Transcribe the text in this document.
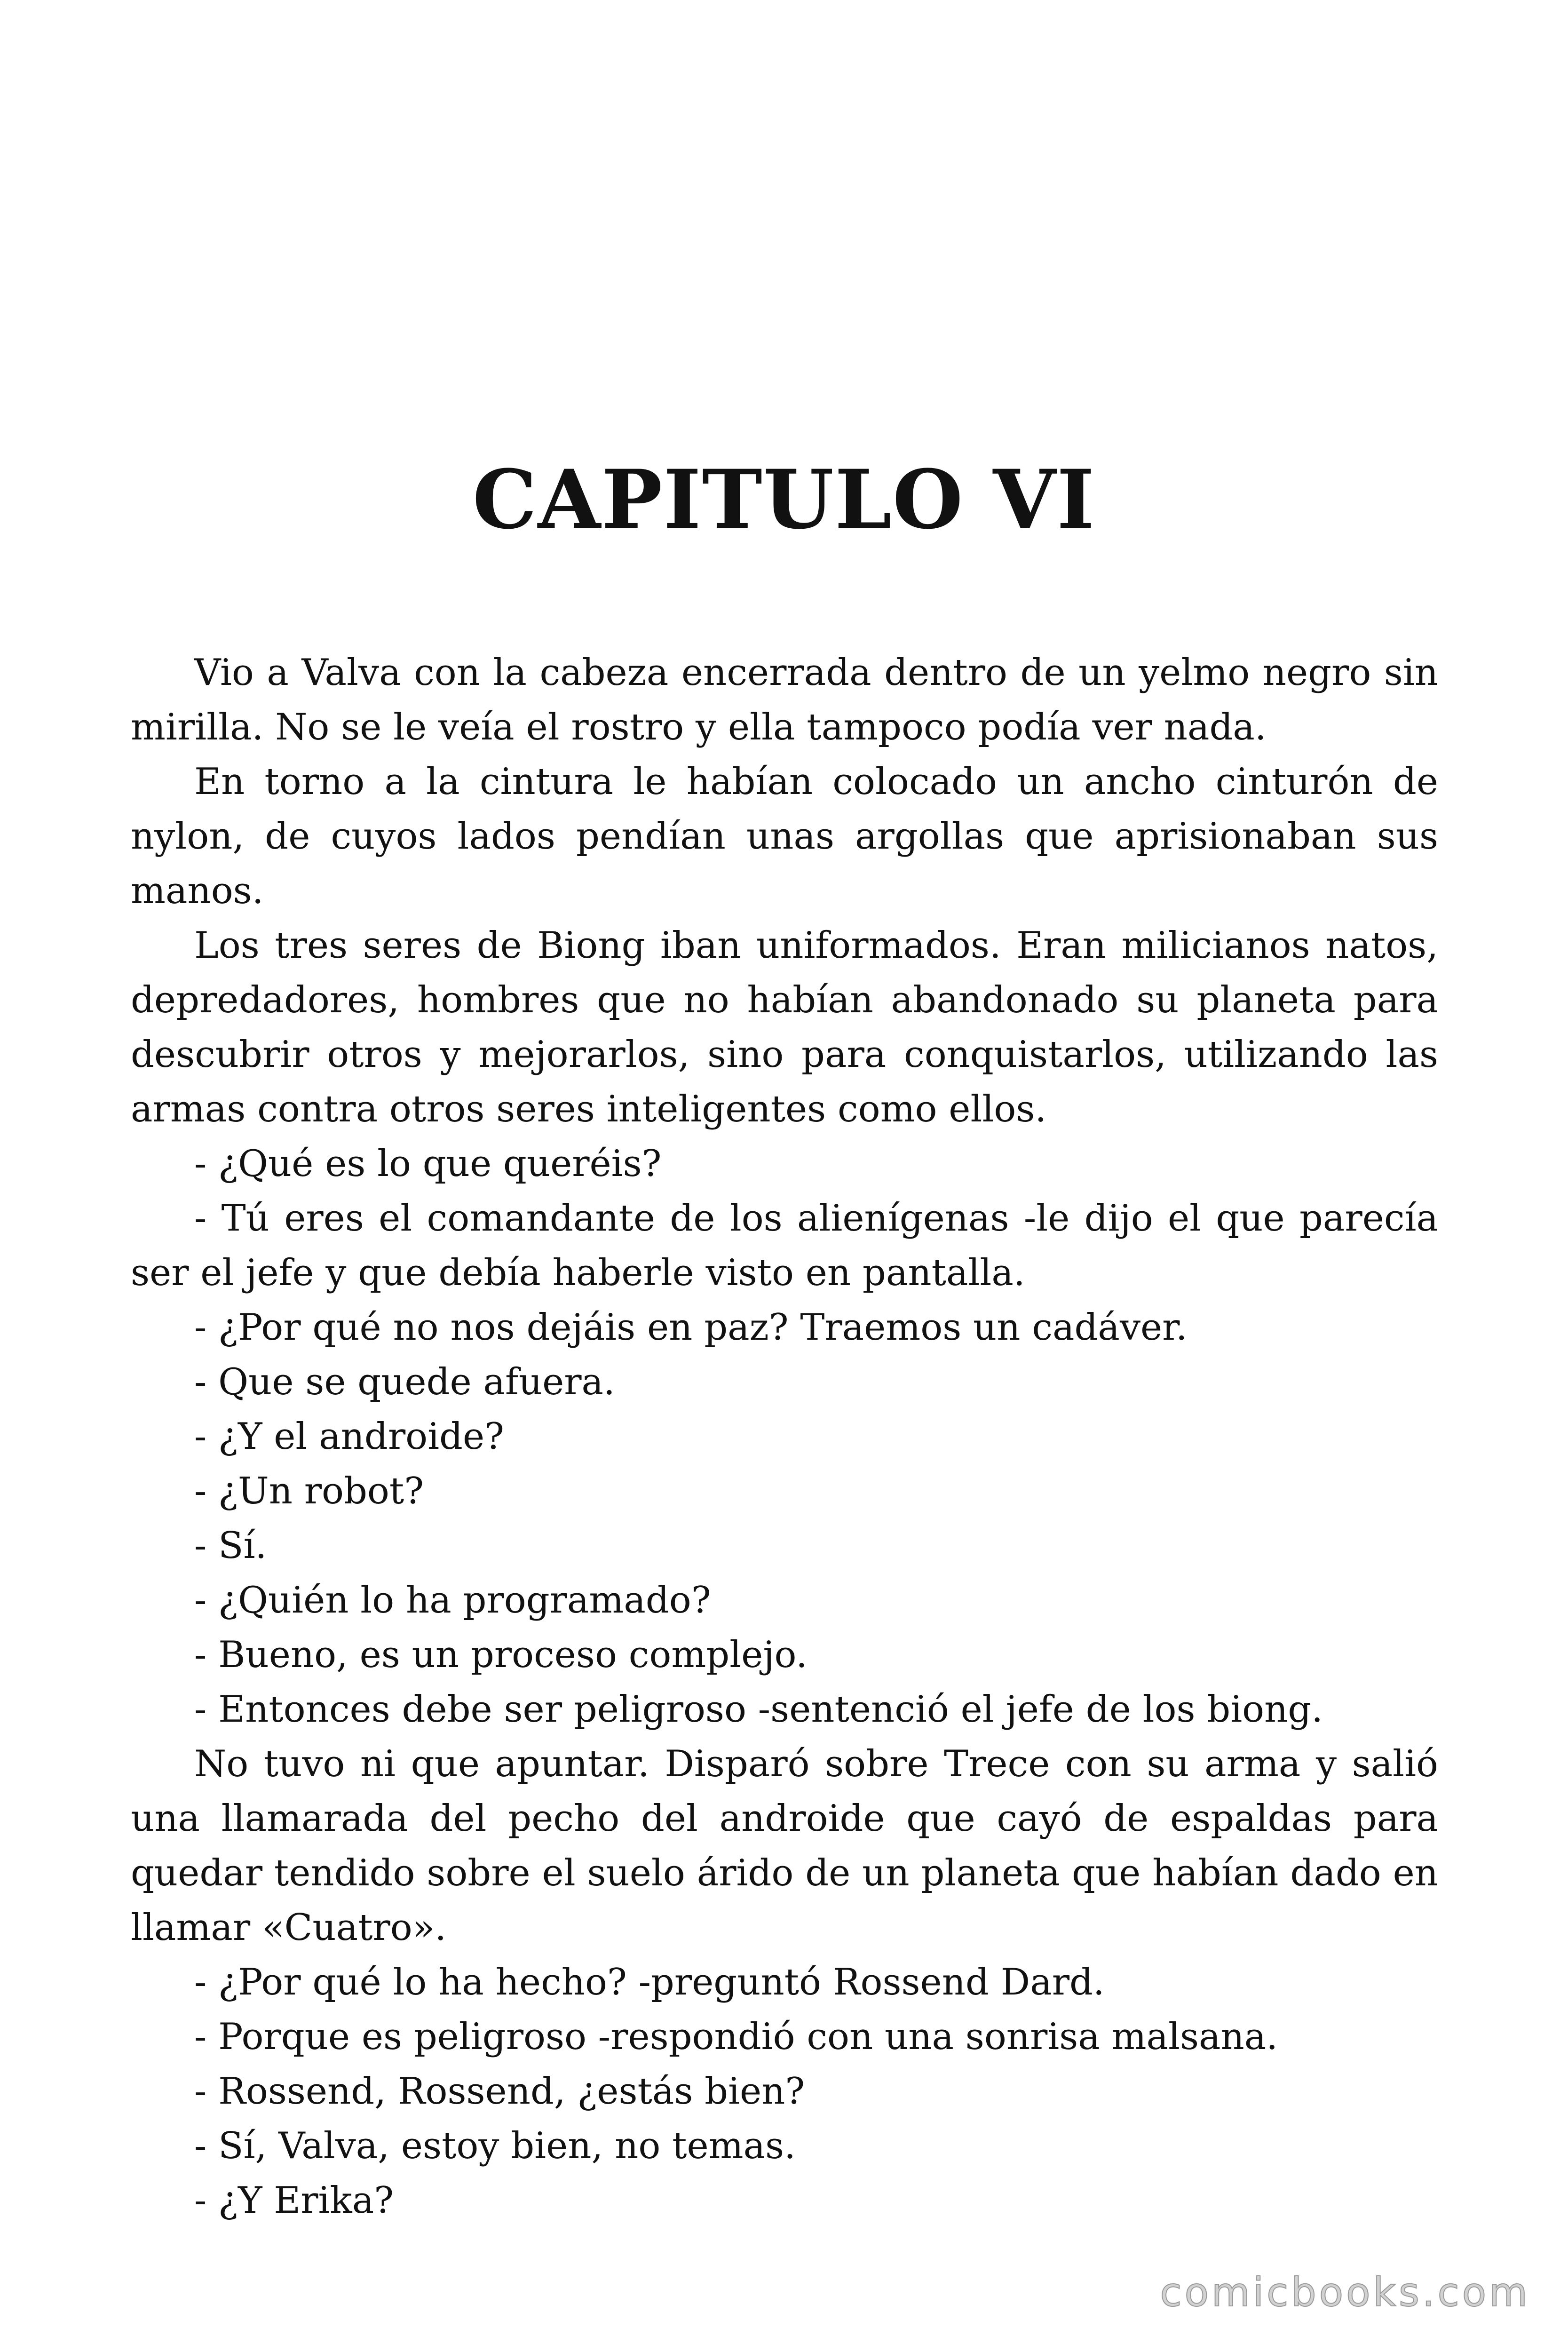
CAPITULO VI

Vio a Valva con la cabeza encerrada dentro de un yelmo negro sin mirilla. No se le veía el rostro y ella tampoco podía ver nada.

En torno a la cintura le habían colocado un ancho cinturón de nylon, de cuyos lados pendían unas argollas que aprisionaban sus manos.

Los tres seres de Biong iban uniformados. Eran milicianos natos, depredadores, hombres que no habían abandonado su planeta para descubrir otros y mejorarlos, sino para conquistarlos, utilizando las armas contra otros seres inteligentes como ellos.

- ¿Qué es lo que queréis?

- Tú eres el comandante de los alienígenas -le dijo el que parecía ser el jefe y que debía haberle visto en pantalla.

- ¿Por qué no nos dejáis en paz? Traemos un cadáver.

- Que se quede afuera.

- ¿Y el androide?

- ¿Un robot?

- Sí.

- ¿Quién lo ha programado?

- Bueno, es un proceso complejo.

- Entonces debe ser peligroso -sentenció el jefe de los biong.

No tuvo ni que apuntar. Disparó sobre Trece con su arma y salió una llamarada del pecho del androide que cayó de espaldas para quedar tendido sobre el suelo árido de un planeta que habían dado en llamar «Cuatro».

- ¿Por qué lo ha hecho? -preguntó Rossend Dard.

- Porque es peligroso -respondió con una sonrisa malsana.

- Rossend, Rossend, ¿estás bien?

- Sí, Valva, estoy bien, no temas.

- ¿Y Erika?

comicbooks.com
